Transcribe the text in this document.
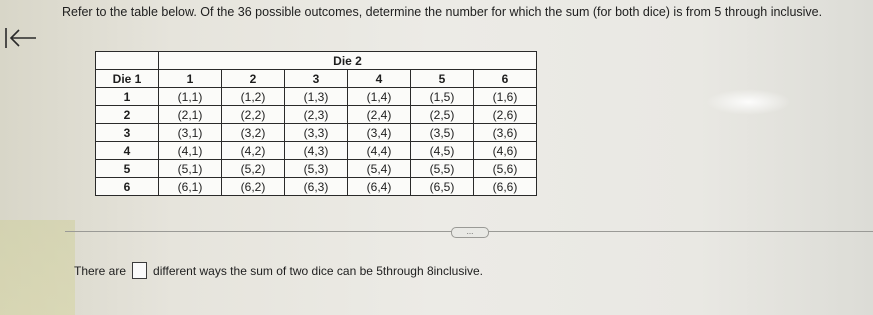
Refer to the table below. Of the 36 possible outcomes, determine the number for which the sum (for both dice) is from 5 through inclusive.
	Die 2					
Die 1	1	2	3	4	5	6
1	(1,1)	(1,2)	(1,3)	(1,4)	(1,5)	(1,6)
2	(2,1)	(2,2)	(2,3)	(2,4)	(2,5)	(2,6)
3	(3,1)	(3,2)	(3,3)	(3,4)	(3,5)	(3,6)
4	(4,1)	(4,2)	(4,3)	(4,4)	(4,5)	(4,6)
5	(5,1)	(5,2)	(5,3)	(5,4)	(5,5)	(5,6)
6	(6,1)	(6,2)	(6,3)	(6,4)	(6,5)	(6,6)
...
There are different ways the sum of two dice can be 5through 8inclusive.
